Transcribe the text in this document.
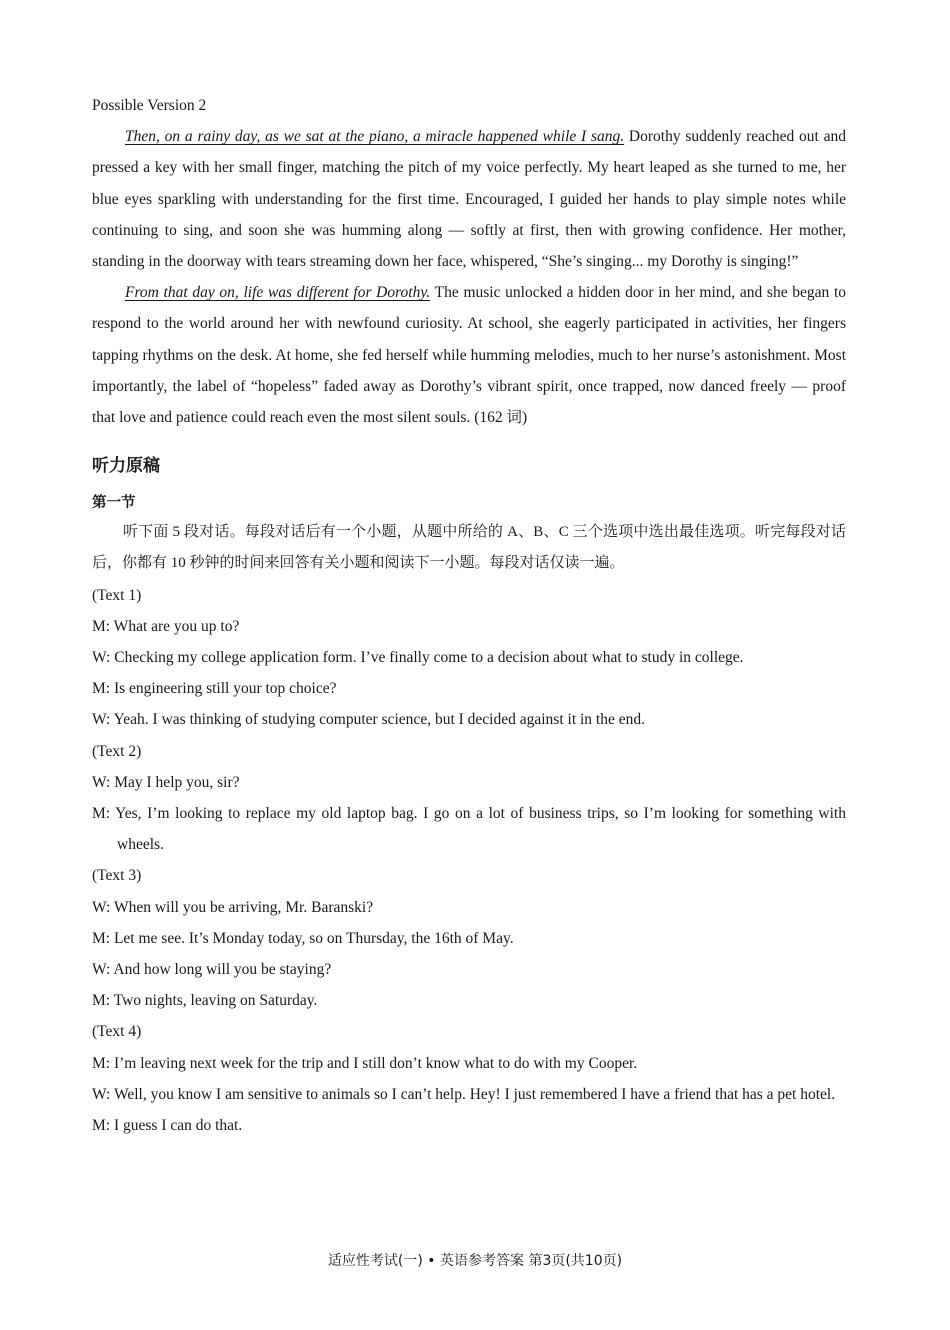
Possible Version 2

Then, on a rainy day, as we sat at the piano, a miracle happened while I sang. Dorothy suddenly reached out and pressed a key with her small finger, matching the pitch of my voice perfectly. My heart leaped as she turned to me, her blue eyes sparkling with understanding for the first time. Encouraged, I guided her hands to play simple notes while continuing to sing, and soon she was humming along — softly at first, then with growing confidence. Her mother, standing in the doorway with tears streaming down her face, whispered, “She’s singing... my Dorothy is singing!”

From that day on, life was different for Dorothy. The music unlocked a hidden door in her mind, and she began to respond to the world around her with newfound curiosity. At school, she eagerly participated in activities, her fingers tapping rhythms on the desk. At home, she fed herself while humming melodies, much to her nurse’s astonishment. Most importantly, the label of “hopeless” faded away as Dorothy’s vibrant spirit, once trapped, now danced freely — proof that love and patience could reach even the most silent souls. (162 词)

听力原稿
第一节

听下面 5 段对话。每段对话后有一个小题，从题中所给的 A、B、C 三个选项中选出最佳选项。听完每段对话后，你都有 10 秒钟的时间来回答有关小题和阅读下一小题。每段对话仅读一遍。

(Text 1)

M: What are you up to?

W: Checking my college application form. I’ve finally come to a decision about what to study in college.

M: Is engineering still your top choice?

W: Yeah. I was thinking of studying computer science, but I decided against it in the end.

(Text 2)

W: May I help you, sir?

M: Yes, I’m looking to replace my old laptop bag. I go on a lot of business trips, so I’m looking for something with wheels.

(Text 3)

W: When will you be arriving, Mr. Baranski?

M: Let me see. It’s Monday today, so on Thursday, the 16th of May.

W: And how long will you be staying?

M: Two nights, leaving on Saturday.

(Text 4)

M: I’m leaving next week for the trip and I still don’t know what to do with my Cooper.

W: Well, you know I am sensitive to animals so I can’t help. Hey! I just remembered I have a friend that has a pet hotel.

M: I guess I can do that.

适应性考试(一) • 英语参考答案 第3页(共10页)
